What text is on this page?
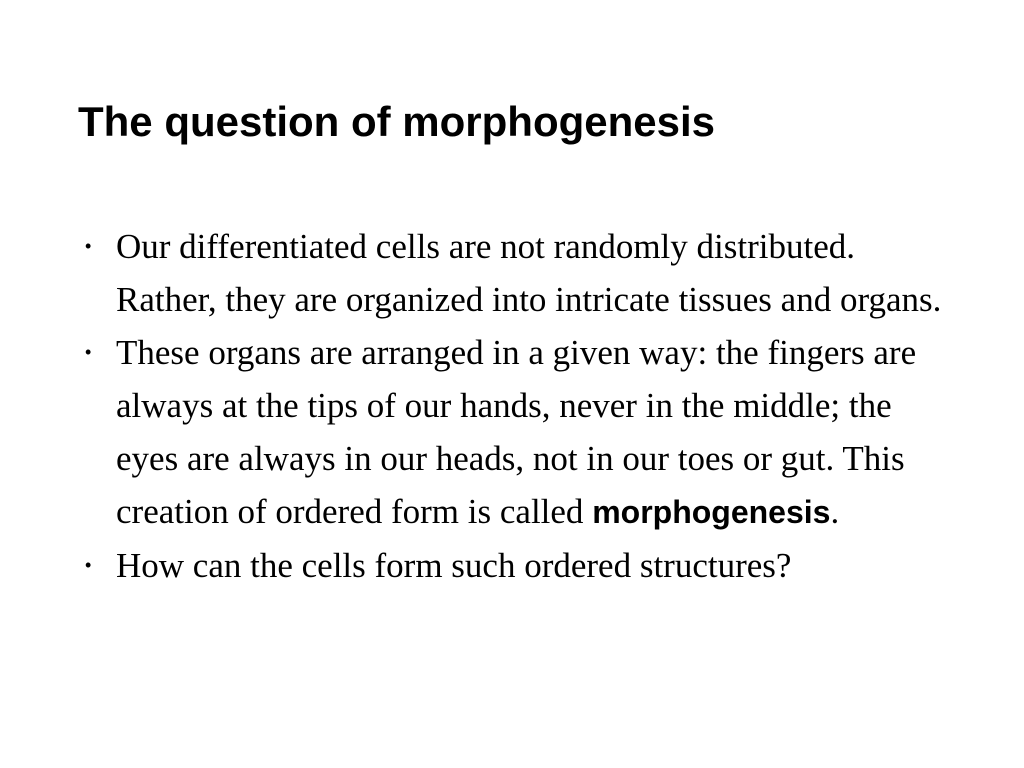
The question of morphogenesis
• Our differentiated cells are not randomly distributed. Rather, they are organized into intricate tissues and organs.
• These organs are arranged in a given way: the fingers are always at the tips of our hands, never in the middle; the eyes are always in our heads, not in our toes or gut. This creation of ordered form is called morphogenesis.
• How can the cells form such ordered structures?
